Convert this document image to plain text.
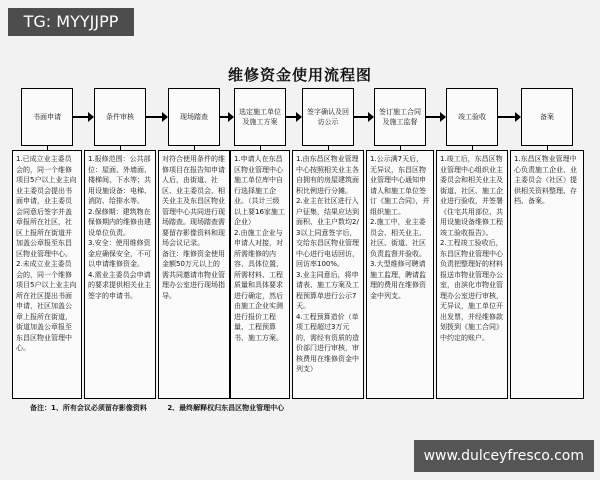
TG: MYYJJPP
维修资金使用流程图
书面申请
1.已成立业主委员会的，同一个维修项目5户以上业主向业主委员会提出书面申请，业主委员会同意后签字并盖章报所在社区，社区上报所在街道并加盖公章报至东昌区物业管理中心。
2.未成立业主委员会的，同一个维修项目5户以上业主向所在社区提出书面申请，社区加盖公章上报所在街道，街道加盖公章报至东昌区物业管理中心。
条件审核
1.报修范围：公共部位：屋面、外墙面、楼梯间、下水等；共用设施设备：电梯、消防、给排水等。
2.保修期：建筑物在保修期内的维修由建设单位负责。
3.安全：使用维修资金应确保安全，不可以申请维修资金。
4.需业主委员会申请的要求提供相关业主签字的申请书。
现场踏查
对符合使用条件的维修项目在报告知申请人后，由街道、社区、业主委员会、相关业主及东昌区物业管理中心共同进行现场踏查。现场踏查需要留存影像资料和现场会议记录。
备注：维修资金使用金额50万元以上的需共同邀请市物业管理办公室进行现场指导。
选定施工单位及施工方案
1.申请人在东昌区物业管理中心施工单位库中自行选择施工企业。（共计三级以上要16家施工企业）
2.由施工企业与申请人对接，对所需维修的内容、具体位置、所需材料、工程质量和具体要求进行确定，然后由施工企业实测进行报价工程量、工程预算书、施工方案。
签字确认及回访公示
1.由东昌区物业管理中心按照相关业主各自拥有的房屋建筑面积比例进行分摊。
2.业主在社区进行入户征集，结果应达到面积、业主户数均2/3以上同意签字后，交给东昌区物业管理中心进行电话回访，回访率100%。
3.业主同意后，将申请表、施工方案及工程预算单进行公示7天。
4.工程预算造价（单项工程超过3万元的，需经有资质的造价部门进行审核，审核费用在维修资金中列支）
签订施工合同及施工监督
1.公示满7天后，无异议，东昌区物业管理中心通知申请人和施工单位签订《施工合同》，并组织施工。
2.施工中，业主委员会、相关业主、社区、街道、社区负责监督并验收。
3.大型维修可聘请施工监理，聘请监理的费用在维修资金中列支。
竣工验收
1.竣工后，东昌区物业管理中心组织业主委员会和相关业主及街道、社区、施工企业进行验收，并签署《住宅共用部位、共用设施设备维修工程竣工验收报告》。
2.工程竣工验收后，东昌区物业管理中心负责把整理好的材料报送市物业管理办公室，由滨化市物业管理办公室进行审核，无异议，施工单位开出发票，并经维修款划拨到《施工合同》中约定的账户。
备案
1.东昌区物业管理中心负责施工企业、业主委员会（社区）提供相关资料整理、存档、备案。
备注：1、所有会议必须留存影像资料	2、最终解释权归东昌区物业管理中心
www.dulceyfresco.com
